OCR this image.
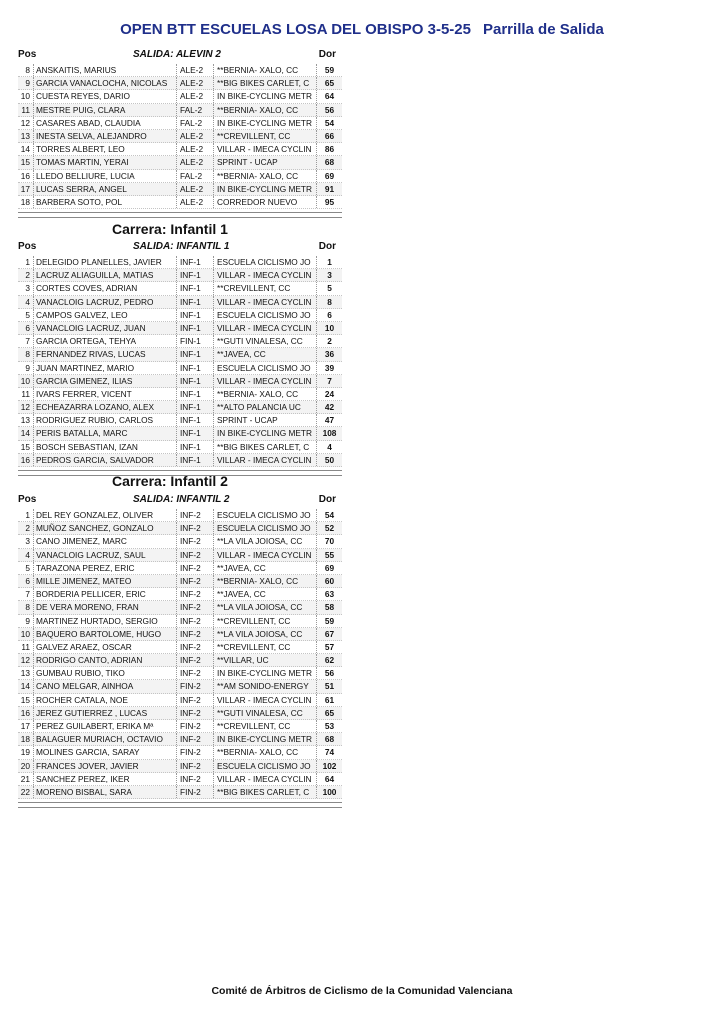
OPEN BTT ESCUELAS LOSA DEL OBISPO 3-5-25 Parrilla de Salida
Pos	SALIDA: ALEVIN 2	Dor
8 ANSKAITIS, MARIUS	ALE-2	**BERNIA- XALO, CC	59
9 GARCIA VANACLOCHA, NICOLAS	ALE-2	**BIG BIKES CARLET, C	65
10 CUESTA REYES, DARIO	ALE-2	IN BIKE-CYCLING METR	64
11 MESTRE PUIG, CLARA	FAL-2	**BERNIA- XALO, CC	56
12 CASARES ABAD, CLAUDIA	FAL-2	IN BIKE-CYCLING METR	54
13 INESTA SELVA, ALEJANDRO	ALE-2	**CREVILLENT, CC	66
14 TORRES ALBERT, LEO	ALE-2	VILLAR - IMECA CYCLIN	86
15 TOMAS MARTIN, YERAI	ALE-2	SPRINT - UCAP	68
16 LLEDO BELLIURE, LUCIA	FAL-2	**BERNIA- XALO, CC	69
17 LUCAS SERRA, ANGEL	ALE-2	IN BIKE-CYCLING METR	91
18 BARBERA SOTO, POL	ALE-2	CORREDOR NUEVO	95
Carrera: Infantil 1
Pos	SALIDA: INFANTIL 1	Dor
1 DELEGIDO PLANELLES, JAVIER	INF-1	ESCUELA CICLISMO JO	1
2 LACRUZ ALIAGUILLA, MATIAS	INF-1	VILLAR - IMECA CYCLIN	3
3 CORTES COVES, ADRIAN	INF-1	**CREVILLENT, CC	5
4 VANACLOIG LACRUZ, PEDRO	INF-1	VILLAR - IMECA CYCLIN	8
5 CAMPOS GALVEZ, LEO	INF-1	ESCUELA CICLISMO JO	6
6 VANACLOIG LACRUZ, JUAN	INF-1	VILLAR - IMECA CYCLIN	10
7 GARCIA ORTEGA, TEHYA	FIN-1	**GUTI VINALESA, CC	2
8 FERNANDEZ RIVAS, LUCAS	INF-1	**JAVEA, CC	36
9 JUAN MARTINEZ, MARIO	INF-1	ESCUELA CICLISMO JO	39
10 GARCIA GIMENEZ, ILIAS	INF-1	VILLAR - IMECA CYCLIN	7
11 IVARS FERRER, VICENT	INF-1	**BERNIA- XALO, CC	24
12 ECHEAZARRA LOZANO, ALEX	INF-1	**ALTO PALANCIA UC	42
13 RODRIGUEZ RUBIO, CARLOS	INF-1	SPRINT - UCAP	47
14 PERIS BATALLA, MARC	INF-1	IN BIKE-CYCLING METR	108
15 BOSCH SEBASTIAN, IZAN	INF-1	**BIG BIKES CARLET, C	4
16 PEDROS GARCIA, SALVADOR	INF-1	VILLAR - IMECA CYCLIN	50
Carrera: Infantil 2
Pos	SALIDA: INFANTIL 2	Dor
1 DEL REY GONZALEZ, OLIVER	INF-2	ESCUELA CICLISMO JO	54
2 MUÑOZ SANCHEZ, GONZALO	INF-2	ESCUELA CICLISMO JO	52
3 CANO JIMENEZ, MARC	INF-2	**LA VILA JOIOSA, CC	70
4 VANACLOIG LACRUZ, SAUL	INF-2	VILLAR - IMECA CYCLIN	55
5 TARAZONA PEREZ, ERIC	INF-2	**JAVEA, CC	69
6 MILLE JIMENEZ, MATEO	INF-2	**BERNIA- XALO, CC	60
7 BORDERIA PELLICER, ERIC	INF-2	**JAVEA, CC	63
8 DE VERA MORENO, FRAN	INF-2	**LA VILA JOIOSA, CC	58
9 MARTINEZ HURTADO, SERGIO	INF-2	**CREVILLENT, CC	59
10 BAQUERO BARTOLOME, HUGO	INF-2	**LA VILA JOIOSA, CC	67
11 GALVEZ ARAEZ, OSCAR	INF-2	**CREVILLENT, CC	57
12 RODRIGO CANTO, ADRIAN	INF-2	**VILLAR, UC	62
13 GUMBAU RUBIO, TIKO	INF-2	IN BIKE-CYCLING METR	56
14 CANO MELGAR, AINHOA	FIN-2	**AM SONIDO-ENERGY	51
15 ROCHER CATALA, NOE	INF-2	VILLAR - IMECA CYCLIN	61
16 JEREZ GUTIERREZ , LUCAS	INF-2	**GUTI VINALESA, CC	65
17 PEREZ GUILABERT, ERIKA Mª	FIN-2	**CREVILLENT, CC	53
18 BALAGUER MURIACH, OCTAVIO	INF-2	IN BIKE-CYCLING METR	68
19 MOLINES GARCIA, SARAY	FIN-2	**BERNIA- XALO, CC	74
20 FRANCES JOVER, JAVIER	INF-2	ESCUELA CICLISMO JO	102
21 SANCHEZ PEREZ, IKER	INF-2	VILLAR - IMECA CYCLIN	64
22 MORENO BISBAL, SARA	FIN-2	**BIG BIKES CARLET, C	100
Comité de Árbitros de Ciclismo de la Comunidad Valenciana
